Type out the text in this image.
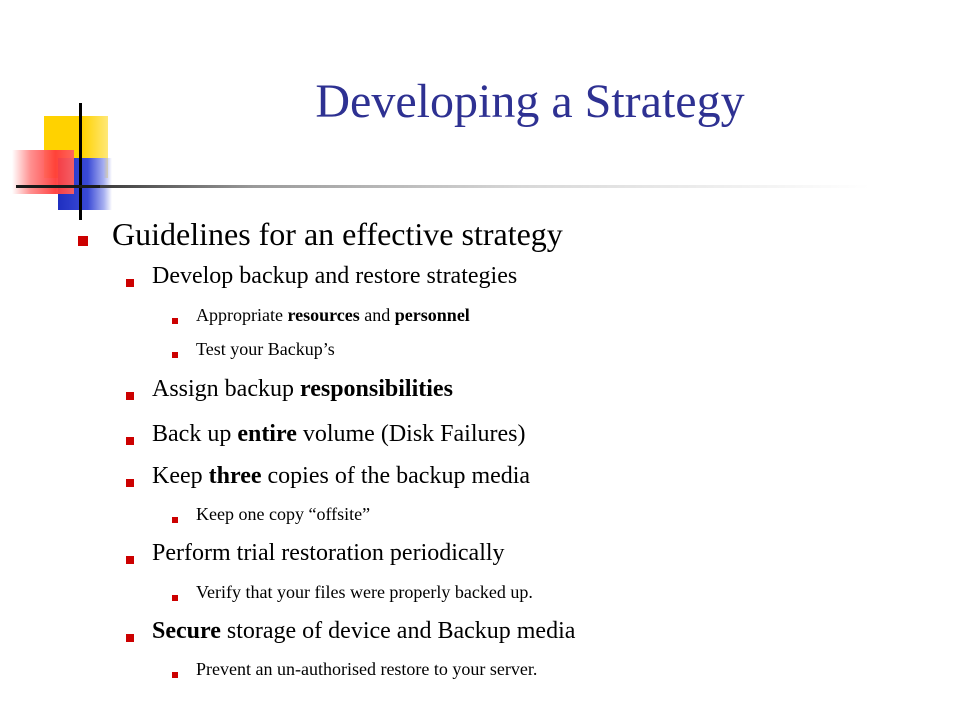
Developing a Strategy
Guidelines for an effective strategy
Develop backup and restore strategies
Appropriate resources and personnel
Test your Backup’s
Assign backup responsibilities
Back up entire volume (Disk Failures)
Keep three copies of the backup media
Keep one copy “offsite”
Perform trial restoration periodically
Verify that your files were properly backed up.
Secure storage of device and Backup media
Prevent an un-authorised restore to your server.
